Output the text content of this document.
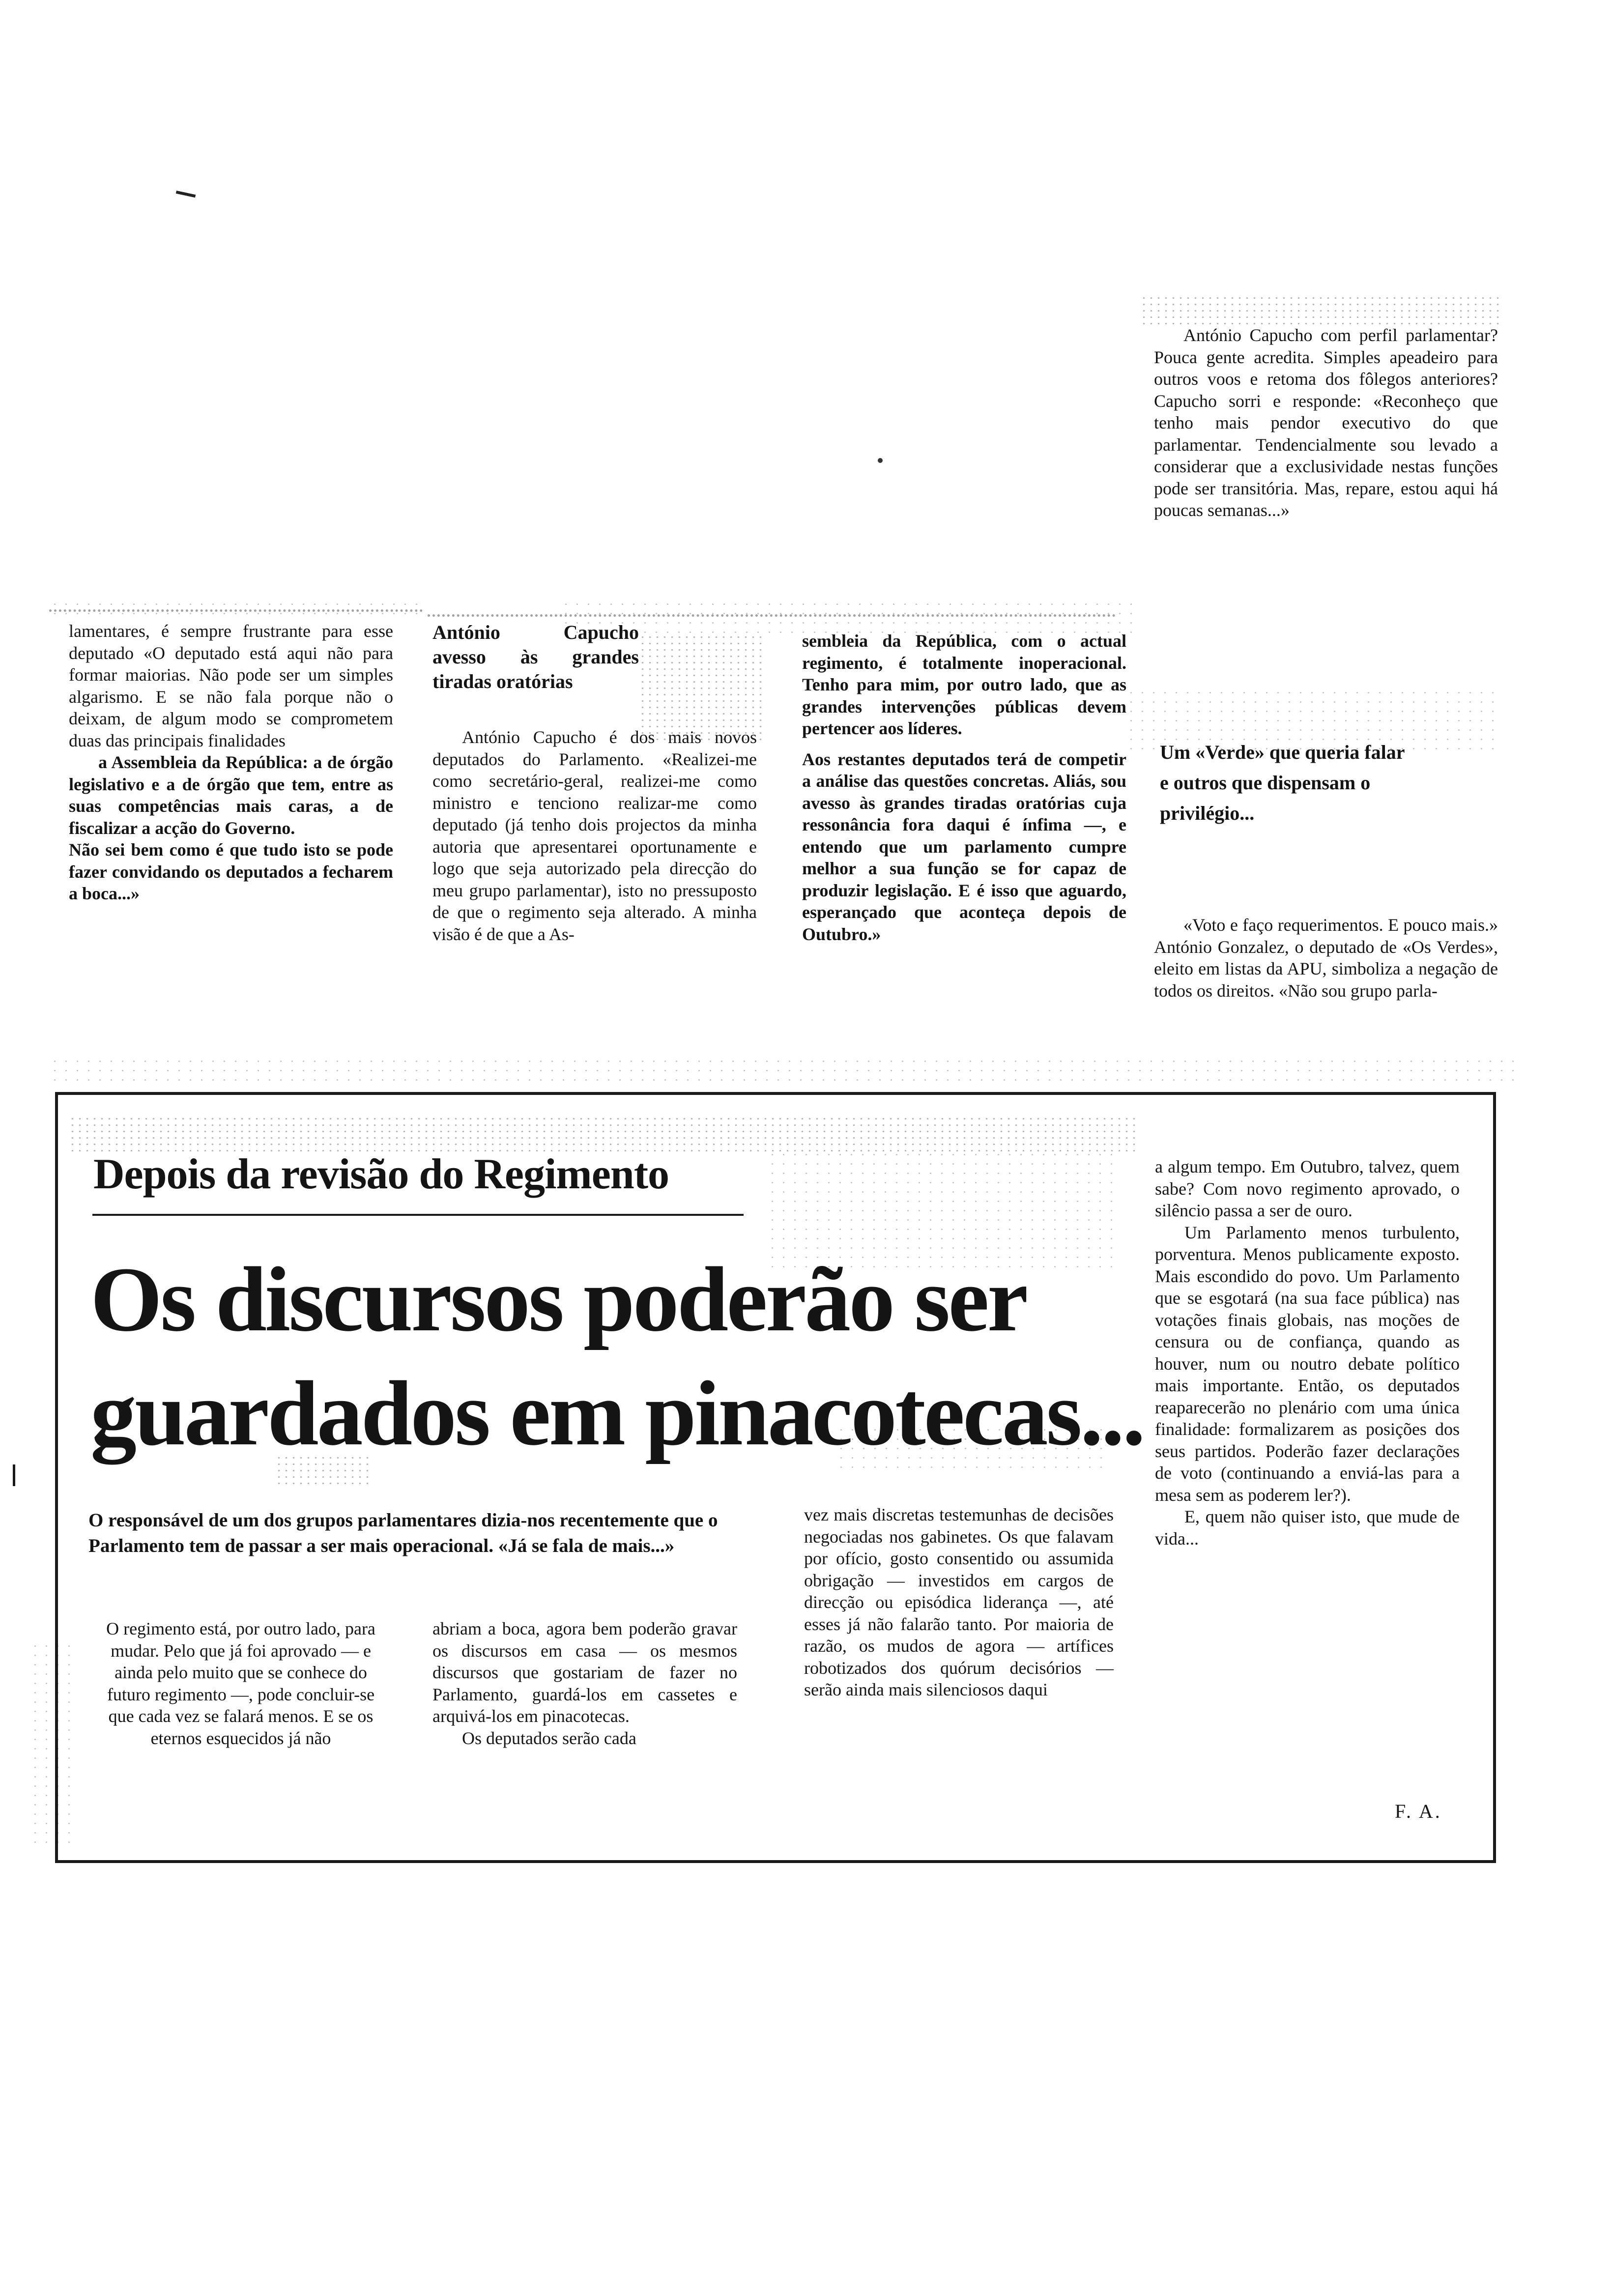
lamentares, é sempre frustrante para esse deputado «O deputado está aqui não para formar maiorias. Não pode ser um simples algarismo. E se não fala porque não o deixam, de algum modo se comprometem duas das principais finalidades

a Assembleia da República: a de órgão legislativo e a de órgão que tem, entre as suas competências mais caras, a de fiscalizar a acção do Governo.

Não sei bem como é que tudo isto se pode fazer convidando os deputados a fecharem a boca...»

António Capucho avesso às grandes tiradas oratórias

António Capucho é dos mais novos deputados do Parlamento. «Realizei-me como secretário-geral, realizei-me como ministro e tenciono realizar-me como deputado (já tenho dois projectos da minha autoria que apresentarei oportunamente e logo que seja autorizado pela direcção do meu grupo parlamentar), isto no pressuposto de que o regimento seja alterado. A minha visão é de que a As-

sembleia da República, com o actual regimento, é totalmente inoperacional. Tenho para mim, por outro lado, que as grandes intervenções públicas devem pertencer aos líderes.

Aos restantes deputados terá de competir a análise das questões concretas. Aliás, sou avesso às grandes tiradas oratórias cuja ressonância fora daqui é ínfima —, e entendo que um parlamento cumpre melhor a sua função se for capaz de produzir legislação. E é isso que aguardo, esperançado que aconteça depois de Outubro.»

António Capucho com perfil parlamentar? Pouca gente acredita. Simples apeadeiro para outros voos e retoma dos fôlegos anteriores? Capucho sorri e responde: «Reconheço que tenho mais pendor executivo do que parlamentar. Tendencialmente sou levado a considerar que a exclusividade nestas funções pode ser transitória. Mas, repare, estou aqui há poucas semanas...»

Um «Verde» que queria falar e outros que dispensam o privilégio...

«Voto e faço requerimentos. E pouco mais.» António Gonzalez, o deputado de «Os Verdes», eleito em listas da APU, simboliza a negação de todos os direitos. «Não sou grupo parla-

Depois da revisão do Regimento
Os discursos poderão ser
guardados em pinacotecas...
O responsável de um dos grupos parlamentares dizia-nos recentemente que o Parlamento tem de passar a ser mais operacional. «Já se fala de mais...»

O regimento está, por outro lado, para mudar. Pelo que já foi aprovado — e ainda pelo muito que se conhece do futuro regimento —, pode concluir-se que cada vez se falará menos. E se os eternos esquecidos já não

abriam a boca, agora bem poderão gravar os discursos em casa — os mesmos discursos que gostariam de fazer no Parlamento, guardá-los em cassetes e arquivá-los em pinacotecas.

Os deputados serão cada

vez mais discretas testemunhas de decisões negociadas nos gabinetes. Os que falavam por ofício, gosto consentido ou assumida obrigação — investidos em cargos de direcção ou episódica liderança —, até esses já não falarão tanto. Por maioria de razão, os mudos de agora — artífices robotizados dos quórum decisórios — serão ainda mais silenciosos daqui

a algum tempo. Em Outubro, talvez, quem sabe? Com novo regimento aprovado, o silêncio passa a ser de ouro.

Um Parlamento menos turbulento, porventura. Menos publicamente exposto. Mais escondido do povo. Um Parlamento que se esgotará (na sua face pública) nas votações finais globais, nas moções de censura ou de confiança, quando as houver, num ou noutro debate político mais importante. Então, os deputados reaparecerão no plenário com uma única finalidade: formalizarem as posições dos seus partidos. Poderão fazer declarações de voto (continuando a enviá-las para a mesa sem as poderem ler?).

E, quem não quiser isto, que mude de vida...

F. A.
